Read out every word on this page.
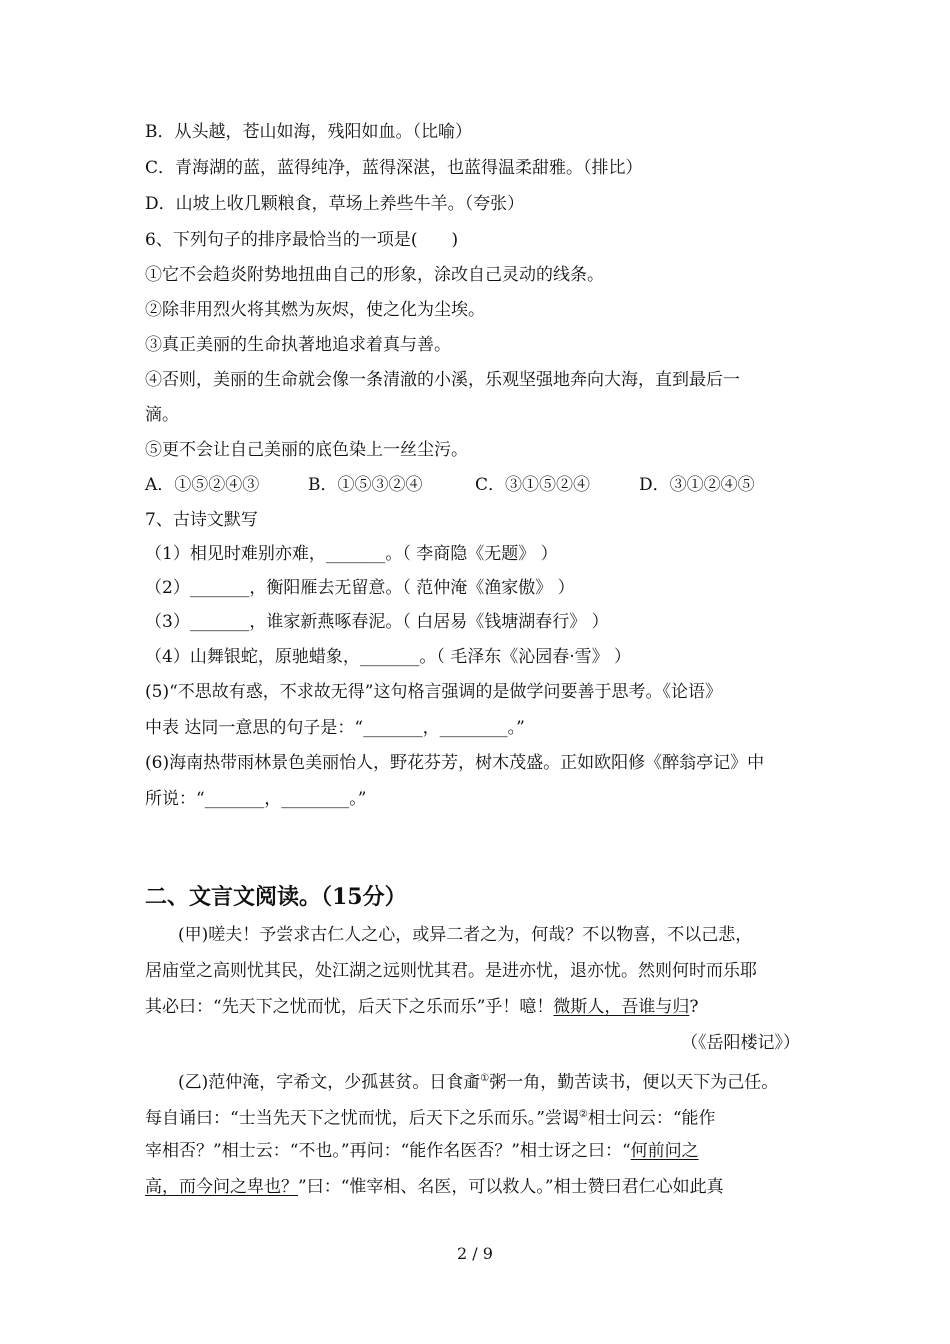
B．从头越，苍山如海，残阳如血。（比喻）
C．青海湖的蓝，蓝得纯净，蓝得深湛，也蓝得温柔甜雅。（排比）
D．山坡上收几颗粮食，草场上养些牛羊。（夸张）
6、下列句子的排序最恰当的一项是(　　)
①它不会趋炎附势地扭曲自己的形象，涂改自己灵动的线条。
②除非用烈火将其燃为灰烬，使之化为尘埃。
③真正美丽的生命执著地追求着真与善。
④否则，美丽的生命就会像一条清澈的小溪，乐观坚强地奔向大海，直到最后一
滴。
⑤更不会让自己美丽的底色染上一丝尘污。
A．①⑤②④③	B．①⑤③②④	C．③①⑤②④	D．③①②④⑤
7、古诗文默写
（1）相见时难别亦难，_______。（ 李商隐《无题》 ）
（2）_______，衡阳雁去无留意。（ 范仲淹《渔家傲》 ）
（3）_______，谁家新燕啄春泥。（ 白居易《钱塘湖春行》 ）
（4）山舞银蛇，原驰蜡象，_______。（ 毛泽东《沁园春·雪》 ）
(5)“不思故有惑，不求故无得”这句格言强调的是做学问要善于思考。《论语》
中表 达同一意思的句子是：“_______，________。”
(6)海南热带雨林景色美丽怡人，野花芬芳，树木茂盛。正如欧阳修《醉翁亭记》中
所说：“_______，________。”
二、文言文阅读。（15分）
(甲)嗟夫！予尝求古仁人之心，或异二者之为，何哉？不以物喜，不以己悲，
居庙堂之高则忧其民，处江湖之远则忧其君。是进亦忧，退亦忧。然则何时而乐耶
其必曰：“先天下之忧而忧，后天下之乐而乐”乎！噫！微斯人，吾谁与归?
（《岳阳楼记》）
(乙)范仲淹，字希文，少孤甚贫。日食齑①粥一角，勤苦读书，便以天下为己任。
每自诵曰：“士当先天下之忧而忧，后天下之乐而乐。”尝谒②相士问云：“能作
宰相否？”相士云：“不也。”再问：“能作名医否？”相士讶之曰：“何前问之
高，而今问之卑也？”曰：“惟宰相、名医，可以救人。”相士赞曰君仁心如此真
2 / 9
